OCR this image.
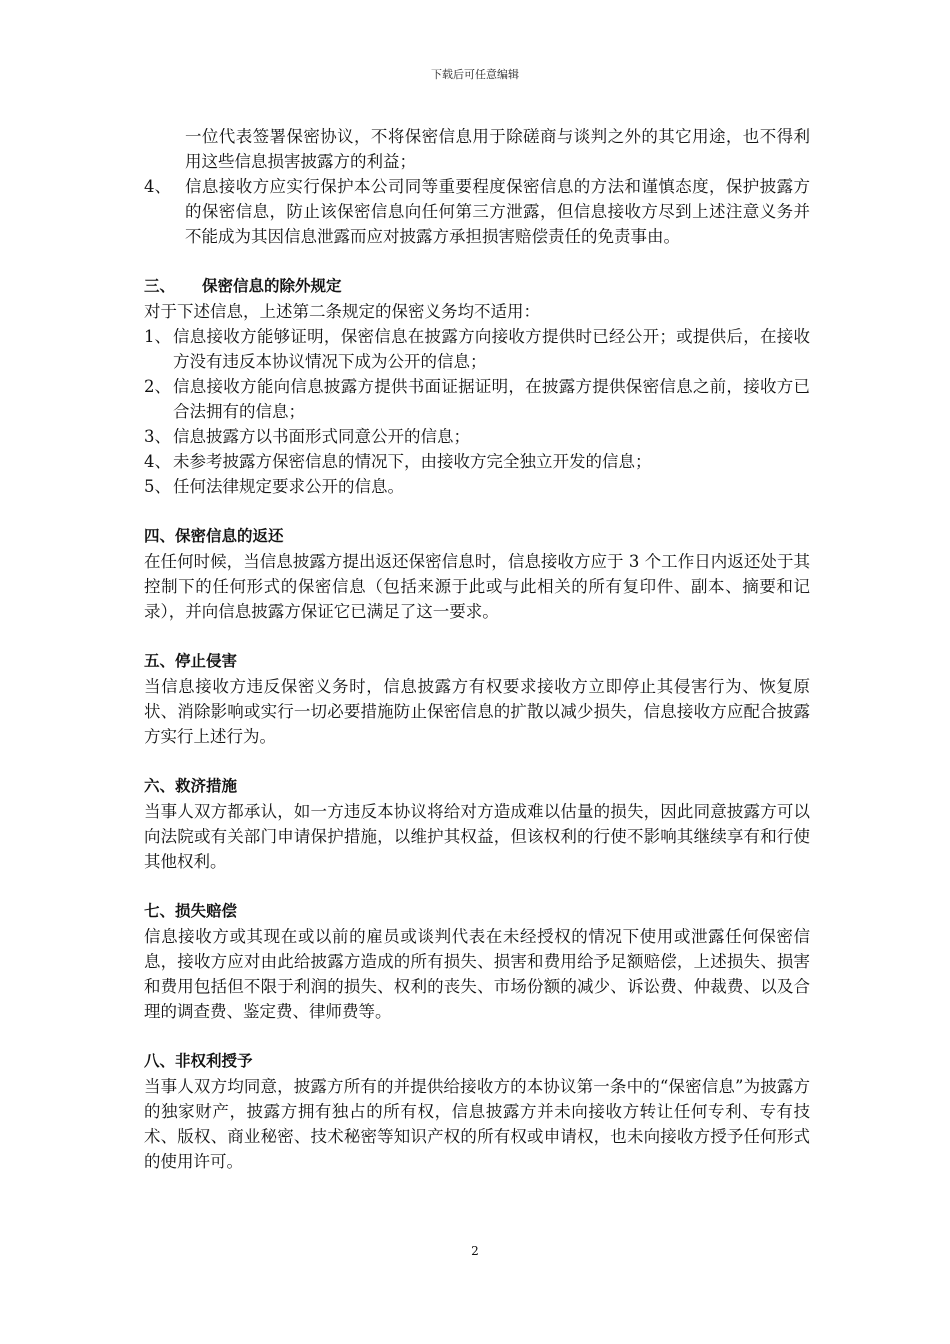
下载后可任意编辑
一位代表签署保密协议，不将保密信息用于除磋商与谈判之外的其它用途，也不得利用这些信息损害披露方的利益；
4、 信息接收方应实行保护本公司同等重要程度保密信息的方法和谨慎态度，保护披露方的保密信息，防止该保密信息向任何第三方泄露，但信息接收方尽到上述注意义务并不能成为其因信息泄露而应对披露方承担损害赔偿责任的免责事由。
三、 保密信息的除外规定
对于下述信息，上述第二条规定的保密义务均不适用：
1、 信息接收方能够证明，保密信息在披露方向接收方提供时已经公开；或提供后，在接收方没有违反本协议情况下成为公开的信息；
2、 信息接收方能向信息披露方提供书面证据证明，在披露方提供保密信息之前，接收方已合法拥有的信息；
3、 信息披露方以书面形式同意公开的信息；
4、 未参考披露方保密信息的情况下，由接收方完全独立开发的信息；
5、 任何法律规定要求公开的信息。
四、保密信息的返还
在任何时候，当信息披露方提出返还保密信息时，信息接收方应于 3 个工作日内返还处于其控制下的任何形式的保密信息（包括来源于此或与此相关的所有复印件、副本、摘要和记录），并向信息披露方保证它已满足了这一要求。
五、停止侵害
当信息接收方违反保密义务时，信息披露方有权要求接收方立即停止其侵害行为、恢复原状、消除影响或实行一切必要措施防止保密信息的扩散以减少损失，信息接收方应配合披露方实行上述行为。
六、救济措施
当事人双方都承认，如一方违反本协议将给对方造成难以估量的损失，因此同意披露方可以向法院或有关部门申请保护措施，以维护其权益，但该权利的行使不影响其继续享有和行使其他权利。
七、损失赔偿
信息接收方或其现在或以前的雇员或谈判代表在未经授权的情况下使用或泄露任何保密信息，接收方应对由此给披露方造成的所有损失、损害和费用给予足额赔偿，上述损失、损害和费用包括但不限于利润的损失、权利的丧失、市场份额的减少、诉讼费、仲裁费、以及合理的调查费、鉴定费、律师费等。
八、非权利授予
当事人双方均同意，披露方所有的并提供给接收方的本协议第一条中的“保密信息”为披露方的独家财产，披露方拥有独占的所有权，信息披露方并未向接收方转让任何专利、专有技术、版权、商业秘密、技术秘密等知识产权的所有权或申请权，也未向接收方授予任何形式的使用许可。
2
